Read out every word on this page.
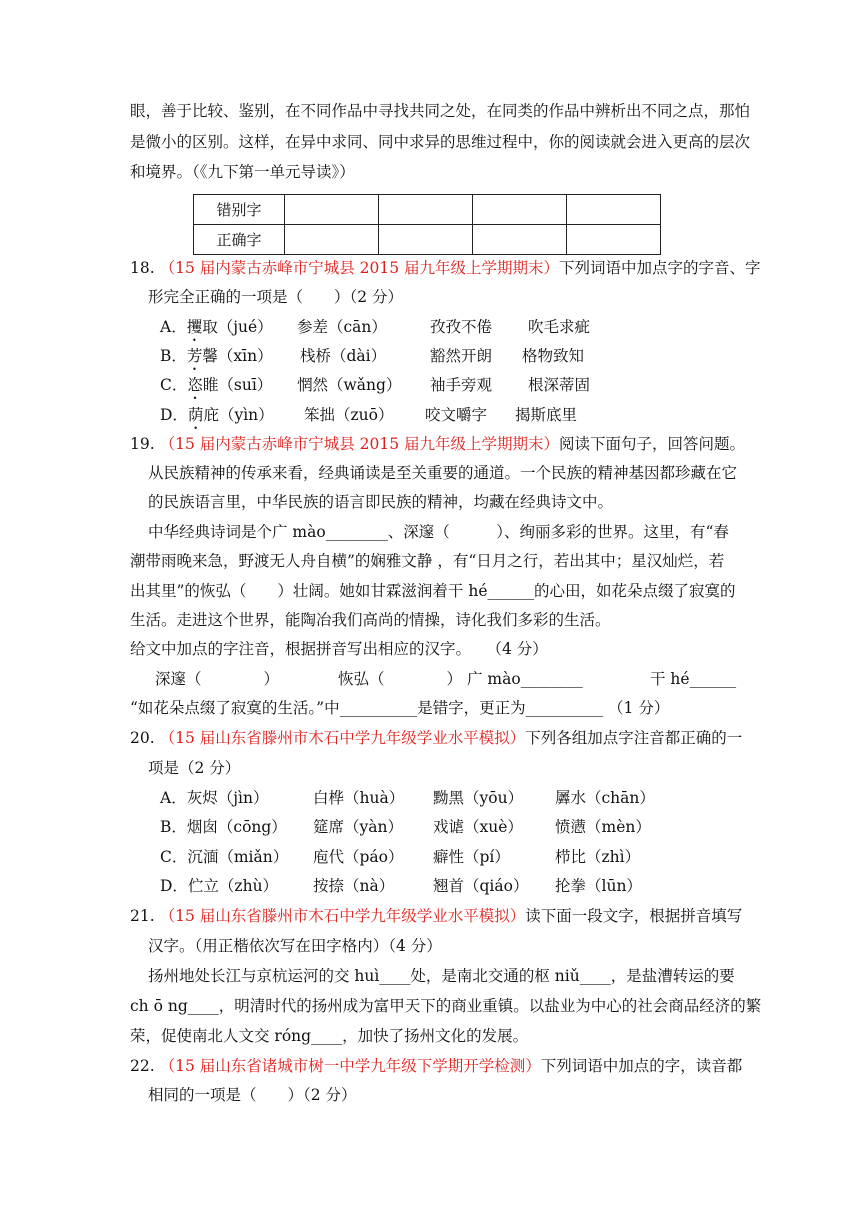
眼，善于比较、鉴别，在不同作品中寻找共同之处，在同类的作品中辨析出不同之点，那怕
是微小的区别。这样，在异中求同、同中求异的思维过程中，你的阅读就会进入更高的层次
和境界。（《九下第一单元导读》）
错别字				
正确字				
18. （15 届内蒙古赤峰市宁城县 2015 届九年级上学期期末）下列词语中加点字的字音、字
形完全正确的一项是（　　）（2 分）
A．攫取（jué） 参差（cān）	孜孜不倦 吹毛求疵
B．芳馨（xīn） 栈桥（dài）	豁然开朗 格物致知
C．恣睢（suī） 惘然（wǎng） 袖手旁观 根深蒂固
D．荫庇（yìn） 笨拙（zuō） 咬文嚼字 揭斯底里
19. （15 届内蒙古赤峰市宁城县 2015 届九年级上学期期末）阅读下面句子，回答问题。
从民族精神的传承来看，经典诵读是至关重要的通道。一个民族的精神基因都珍藏在它
的民族语言里，中华民族的语言即民族的精神，均藏在经典诗文中。
中华经典诗词是个广 mào________、深邃（　　　）、绚丽多彩的世界。这里，有“春
潮带雨晚来急，野渡无人舟自横”的娴雅文静 ，有“日月之行，若出其中；星汉灿烂，若
出其里”的恢弘（　　）壮阔。她如甘霖滋润着干 hé______的心田，如花朵点缀了寂寞的
生活。走进这个世界，能陶冶我们高尚的情操，诗化我们多彩的生活。
给文中加点的字注音，根据拼音写出相应的汉字。　　（4 分）
深邃（　　　　）	恢弘（　　　　） 广 mào________	干 hé______
“如花朵点缀了寂寞的生活。”中__________是错字，更正为__________ （1 分）
20. （15 届山东省滕州市木石中学九年级学业水平模拟）下列各组加点字注音都正确的一
项是（2 分）
A．灰烬（jìn）	白桦（huà） 黝黑（yōu） 羼水（chān）
B．烟囱（cōng） 筵席（yàn） 戏谑（xuè） 愤懑（mèn）
C．沉湎（miǎn） 庖代（páo） 癖性（pí）	栉比（zhì）
D．伫立（zhù） 按捺（nà）	翘首（qiáo） 抡拳（lūn）
21. （15 届山东省滕州市木石中学九年级学业水平模拟）读下面一段文字，根据拼音填写
汉字。（用正楷依次写在田字格内）（4 分）
扬州地处长江与京杭运河的交 huì____处，是南北交通的枢 niǔ____，是盐漕转运的要
ch ō ng____，明清时代的扬州成为富甲天下的商业重镇。以盐业为中心的社会商品经济的繁
荣，促使南北人文交 róng____，加快了扬州文化的发展。
22. （15 届山东省诸城市树一中学九年级下学期开学检测）下列词语中加点的字，读音都
相同的一项是（　　）（2 分）
